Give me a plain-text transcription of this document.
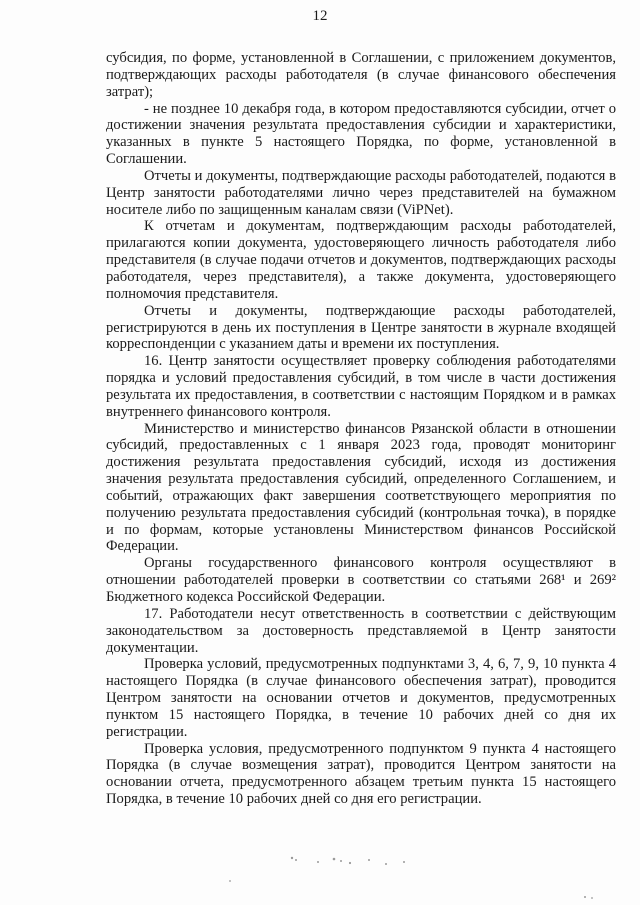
12

субсидия, по форме, установленной в Соглашении, с приложением документов, подтверждающих расходы работодателя (в случае финансового обеспечения затрат);

- не позднее 10 декабря года, в котором предоставляются субсидии, отчет о достижении значения результата предоставления субсидии и характеристики, указанных в пункте 5 настоящего Порядка, по форме, установленной в Соглашении.

Отчеты и документы, подтверждающие расходы работодателей, подаются в Центр занятости работодателями лично через представителей на бумажном носителе либо по защищенным каналам связи (ViPNet).

К отчетам и документам, подтверждающим расходы работодателей, прилагаются копии документа, удостоверяющего личность работодателя либо представителя (в случае подачи отчетов и документов, подтверждающих расходы работодателя, через представителя), а также документа, удостоверяющего полномочия представителя.

Отчеты и документы, подтверждающие расходы работодателей, регистрируются в день их поступления в Центре занятости в журнале входящей корреспонденции с указанием даты и времени их поступления.

16. Центр занятости осуществляет проверку соблюдения работодателями порядка и условий предоставления субсидий, в том числе в части достижения результата их предоставления, в соответствии с настоящим Порядком и в рамках внутреннего финансового контроля.

Министерство и министерство финансов Рязанской области в отношении субсидий, предоставленных с 1 января 2023 года, проводят мониторинг достижения результата предоставления субсидий, исходя из достижения значения результата предоставления субсидий, определенного Соглашением, и событий, отражающих факт завершения соответствующего мероприятия по получению результата предоставления субсидий (контрольная точка), в порядке и по формам, которые установлены Министерством финансов Российской Федерации.

Органы государственного финансового контроля осуществляют в отношении работодателей проверки в соответствии со статьями 268¹ и 269² Бюджетного кодекса Российской Федерации.

17. Работодатели несут ответственность в соответствии с действующим законодательством за достоверность представляемой в Центр занятости документации.

Проверка условий, предусмотренных подпунктами 3, 4, 6, 7, 9, 10 пункта 4 настоящего Порядка (в случае финансового обеспечения затрат), проводится Центром занятости на основании отчетов и документов, предусмотренных пунктом 15 настоящего Порядка, в течение 10 рабочих дней со дня их регистрации.

Проверка условия, предусмотренного подпунктом 9 пункта 4 настоящего Порядка (в случае возмещения затрат), проводится Центром занятости на основании отчета, предусмотренного абзацем третьим пункта 15 настоящего Порядка, в течение 10 рабочих дней со дня его регистрации.
